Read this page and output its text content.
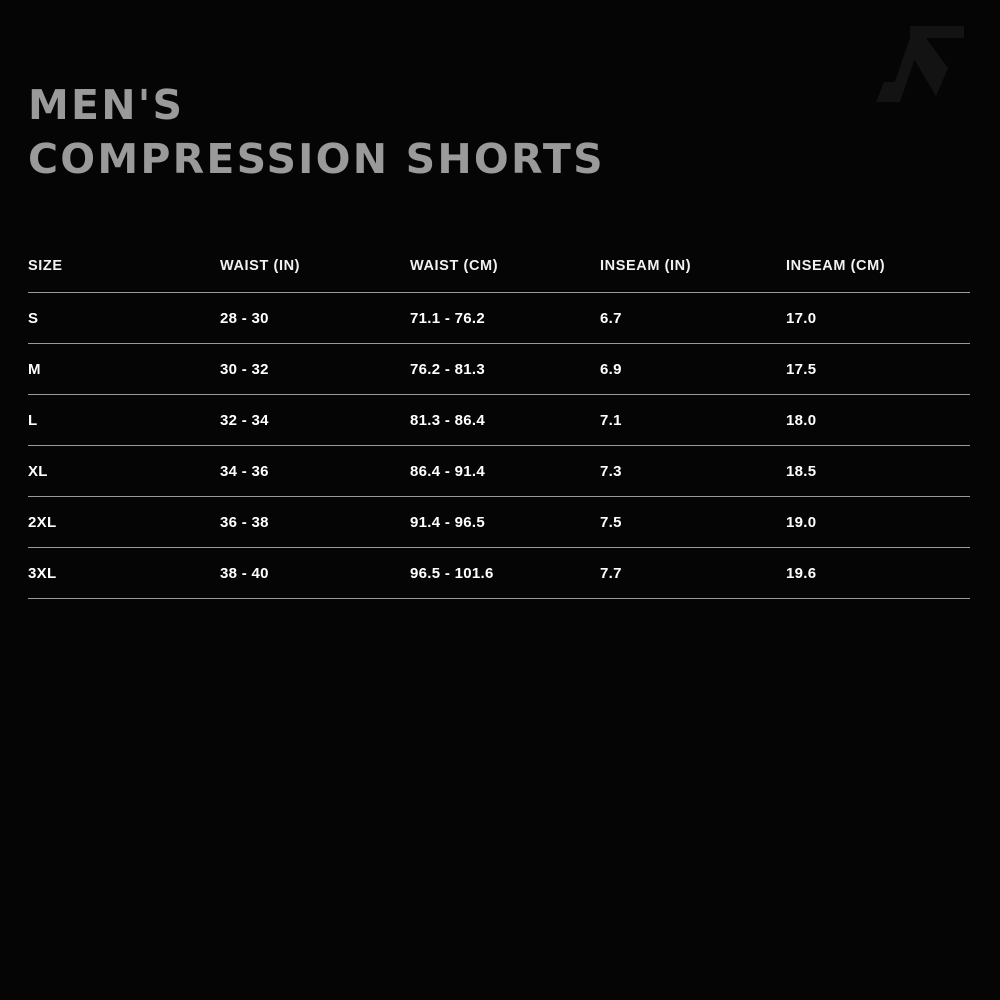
MEN'S
COMPRESSION SHORTS
SIZE	WAIST (IN)	WAIST (CM)	INSEAM (IN)	INSEAM (CM)
S	28 - 30	71.1 - 76.2	6.7	17.0
M	30 - 32	76.2 - 81.3	6.9	17.5
L	32 - 34	81.3 - 86.4	7.1	18.0
XL	34 - 36	86.4 - 91.4	7.3	18.5
2XL	36 - 38	91.4 - 96.5	7.5	19.0
3XL	38 - 40	96.5 - 101.6	7.7	19.6
